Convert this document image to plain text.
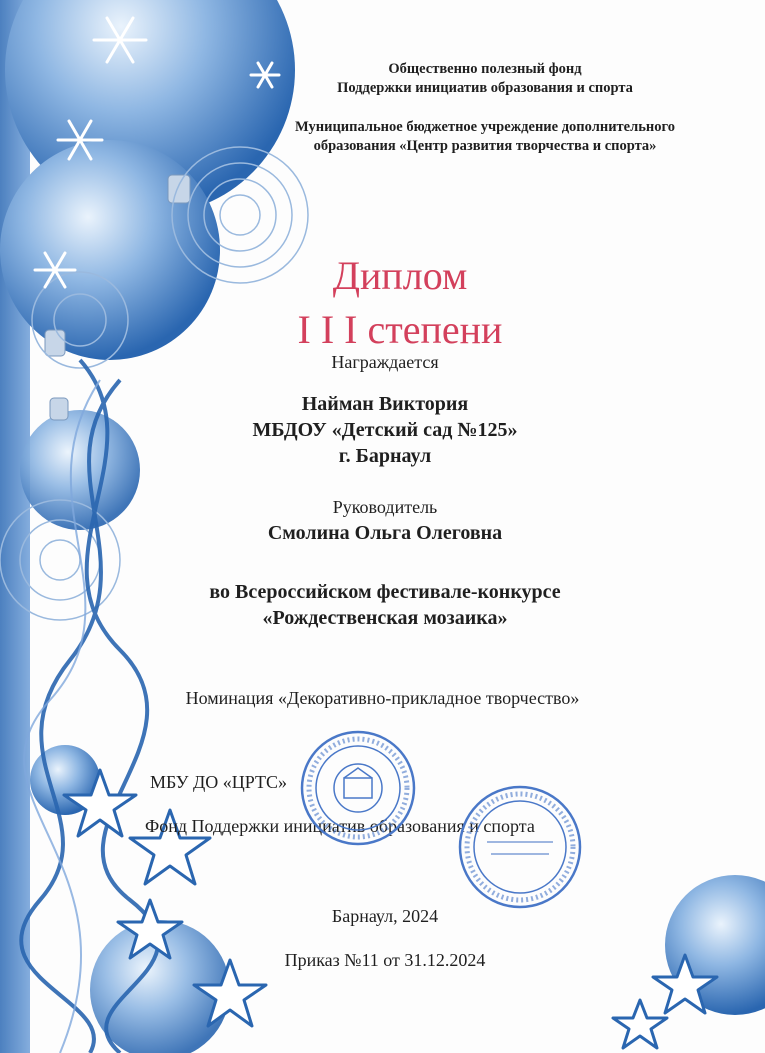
Общественно полезный фонд
Поддержки инициатив образования и спорта
Муниципальное бюджетное учреждение дополнительного
образования «Центр развития творчества и спорта»
Диплом
I I I степени
Награждается
Найман Виктория
МБДОУ «Детский сад №125»
г. Барнаул
Руководитель
Смолина Ольга Олеговна
во Всероссийском фестивале-конкурсе
«Рождественская мозаика»
Номинация «Декоративно-прикладное творчество»
МБУ ДО «ЦРТС»
Фонд Поддержки инициатив образования и спорта
Барнаул, 2024
Приказ №11 от 31.12.2024
